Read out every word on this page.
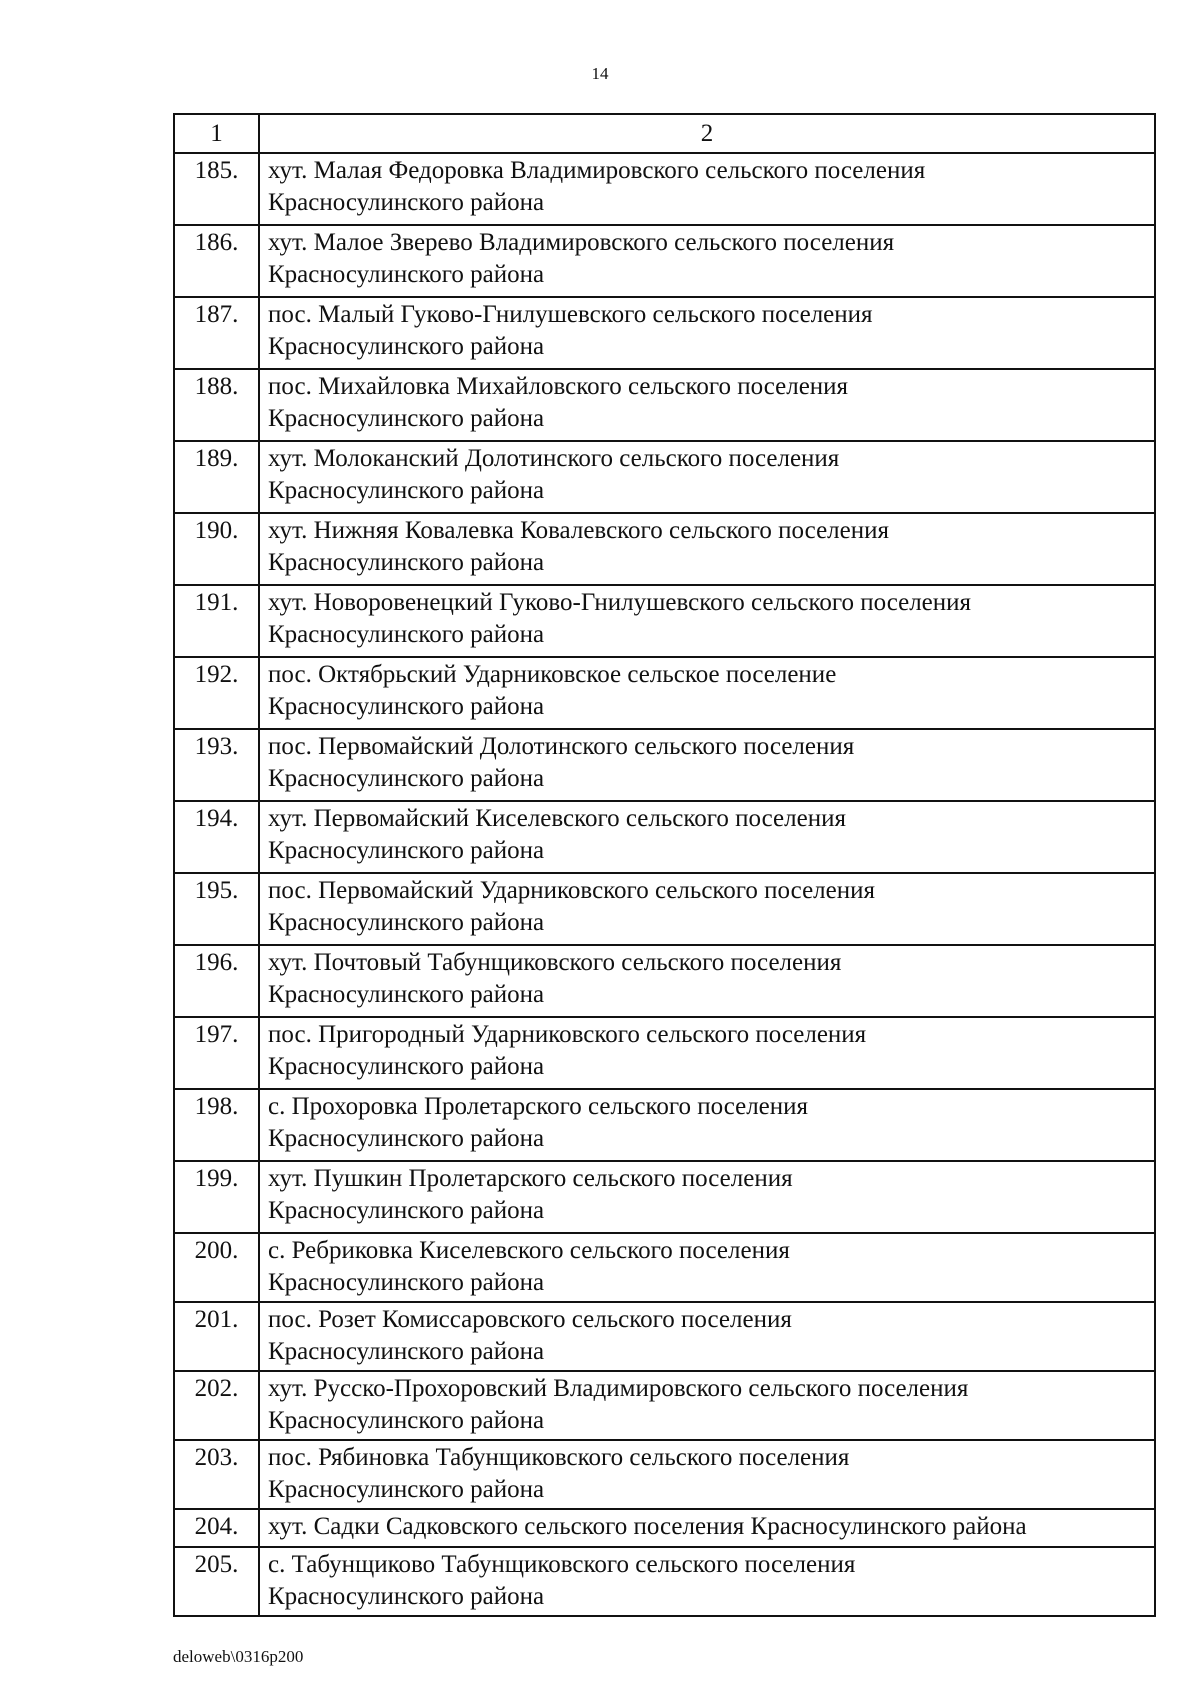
14
1	2
185.	хут. Малая Федоровка Владимировского сельского поселения
Красносулинского района

186.	хут. Малое Зверево Владимировского сельского поселения
Красносулинского района

187.	пос. Малый Гуково-Гнилушевского сельского поселения
Красносулинского района

188.	пос. Михайловка Михайловского сельского поселения
Красносулинского района

189.	хут. Молоканский Долотинского сельского поселения
Красносулинского района

190.	хут. Нижняя Ковалевка Ковалевского сельского поселения
Красносулинского района

191.	хут. Новоровенецкий Гуково-Гнилушевского сельского поселения
Красносулинского района

192.	пос. Октябрьский Ударниковское сельское поселение
Красносулинского района

193.	пос. Первомайский Долотинского сельского поселения
Красносулинского района

194.	хут. Первомайский Киселевского сельского поселения
Красносулинского района

195.	пос. Первомайский Ударниковского сельского поселения
Красносулинского района

196.	хут. Почтовый Табунщиковского сельского поселения
Красносулинского района

197.	пос. Пригородный Ударниковского сельского поселения
Красносулинского района

198.	с. Прохоровка Пролетарского сельского поселения
Красносулинского района

199.	хут. Пушкин Пролетарского сельского поселения
Красносулинского района

200.	с. Ребриковка Киселевского сельского поселения
Красносулинского района

201.	пос. Розет Комиссаровского сельского поселения
Красносулинского района

202.	хут. Русско-Прохоровский Владимировского сельского поселения
Красносулинского района

203.	пос. Рябиновка Табунщиковского сельского поселения
Красносулинского района

204.	хут. Садки Садковского сельского поселения Красносулинского района

205.	с. Табунщиково Табунщиковского сельского поселения
Красносулинского района
deloweb\0316p200
